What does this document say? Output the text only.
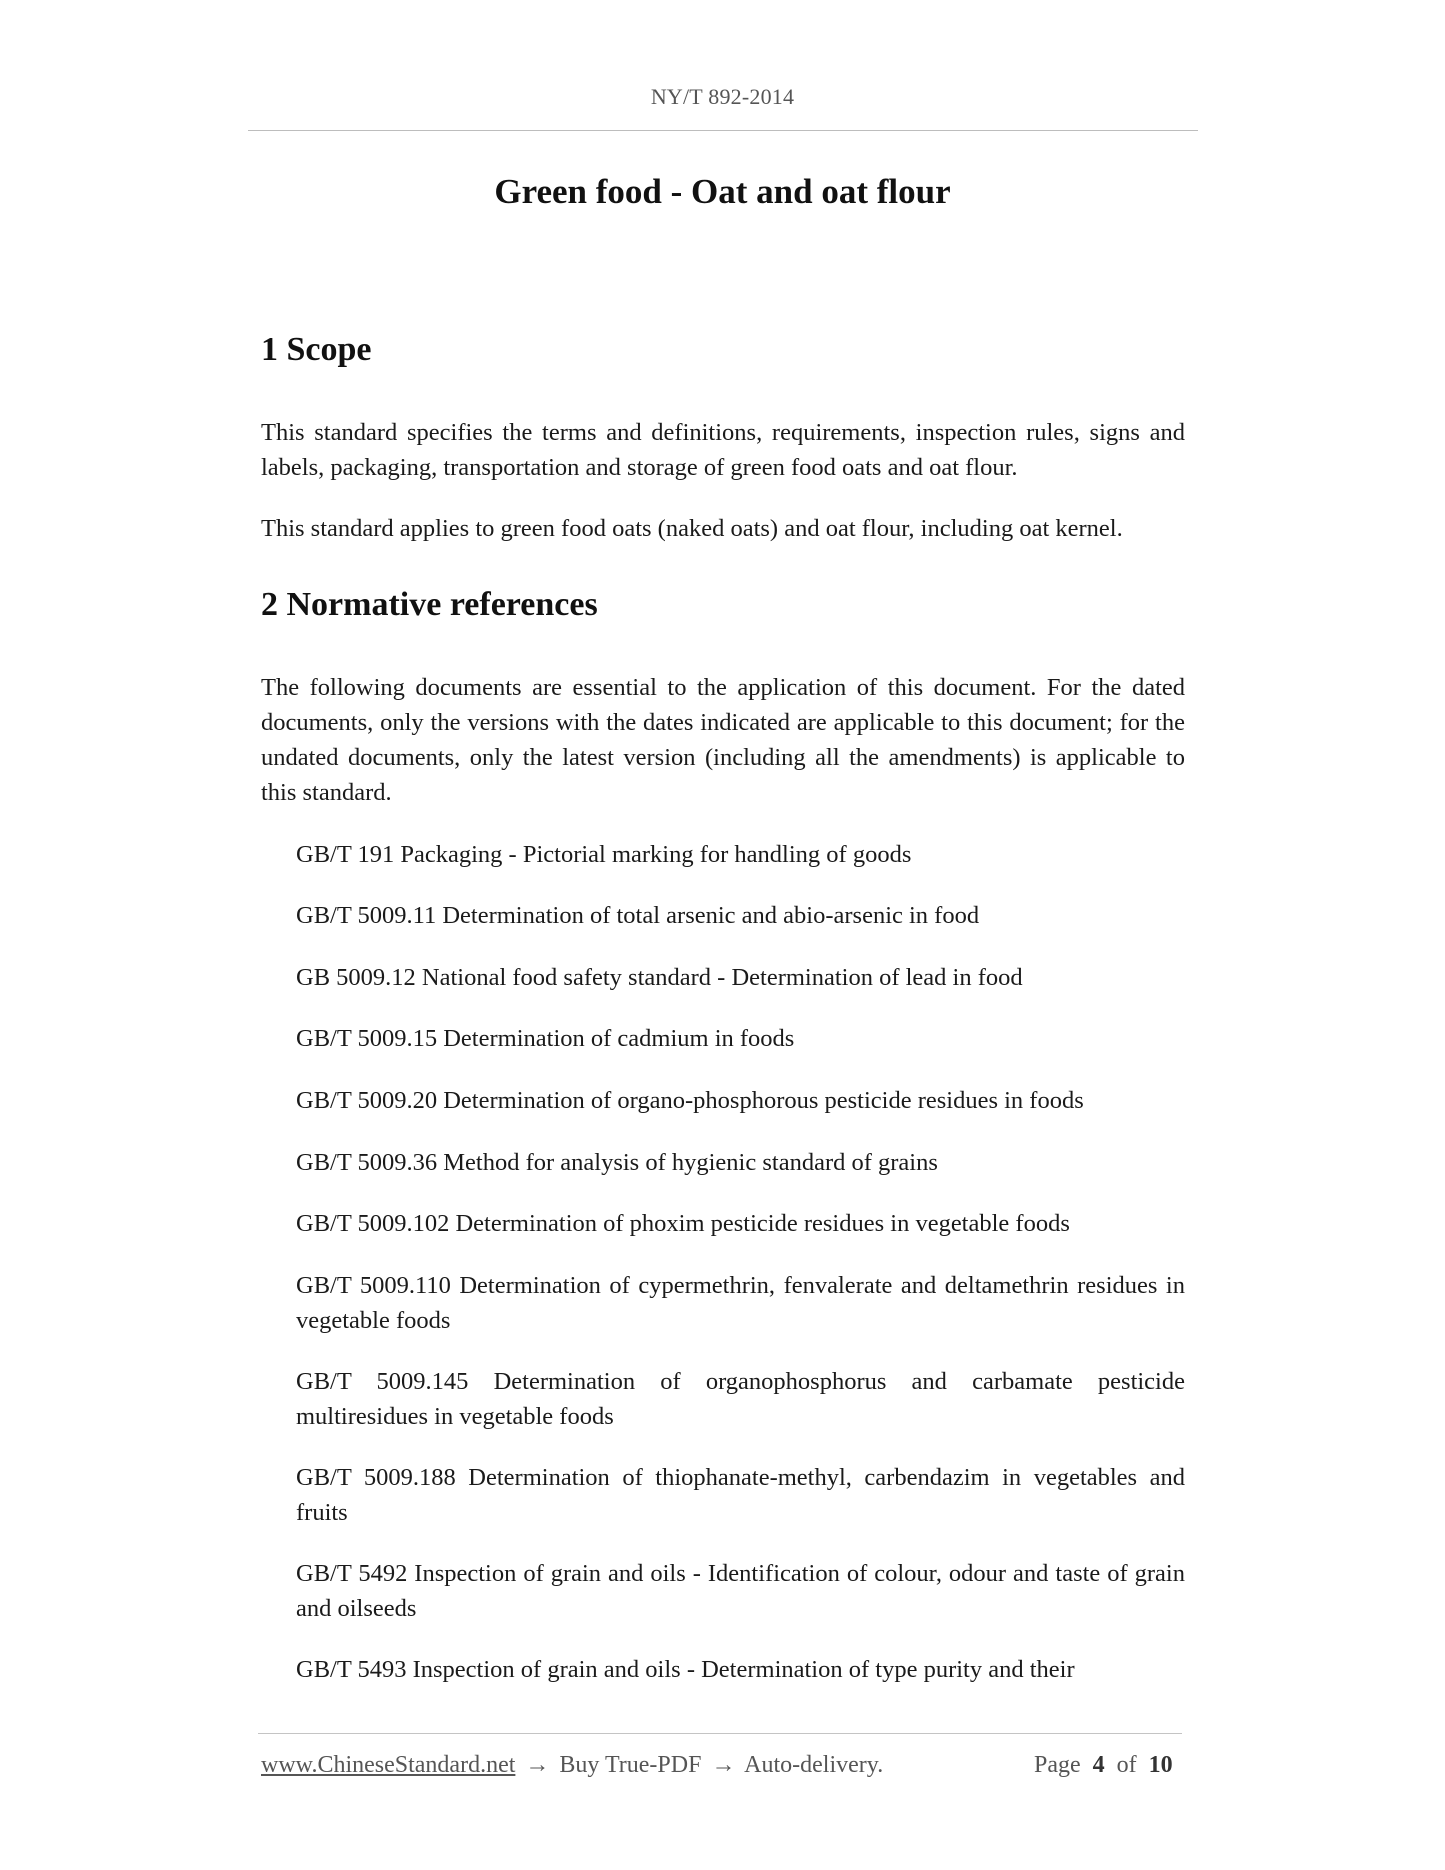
NY/T 892-2014
Green food - Oat and oat flour
1 Scope
This standard specifies the terms and definitions, requirements, inspection rules, signs and labels, packaging, transportation and storage of green food oats and oat flour.
This standard applies to green food oats (naked oats) and oat flour, including oat kernel.
2 Normative references
The following documents are essential to the application of this document. For the dated documents, only the versions with the dates indicated are applicable to this document; for the undated documents, only the latest version (including all the amendments) is applicable to this standard.
GB/T 191 Packaging - Pictorial marking for handling of goods
GB/T 5009.11 Determination of total arsenic and abio-arsenic in food
GB 5009.12 National food safety standard - Determination of lead in food
GB/T 5009.15 Determination of cadmium in foods
GB/T 5009.20 Determination of organo-phosphorous pesticide residues in foods
GB/T 5009.36 Method for analysis of hygienic standard of grains
GB/T 5009.102 Determination of phoxim pesticide residues in vegetable foods
GB/T 5009.110 Determination of cypermethrin, fenvalerate and deltamethrin residues in vegetable foods
GB/T 5009.145 Determination of organophosphorus and carbamate pesticide multiresidues in vegetable foods
GB/T 5009.188 Determination of thiophanate-methyl, carbendazim in vegetables and fruits
GB/T 5492 Inspection of grain and oils - Identification of colour, odour and taste of grain and oilseeds
GB/T 5493 Inspection of grain and oils - Determination of type purity and their
www.ChineseStandard.net → Buy True-PDF → Auto-delivery.	Page 4 of 10
